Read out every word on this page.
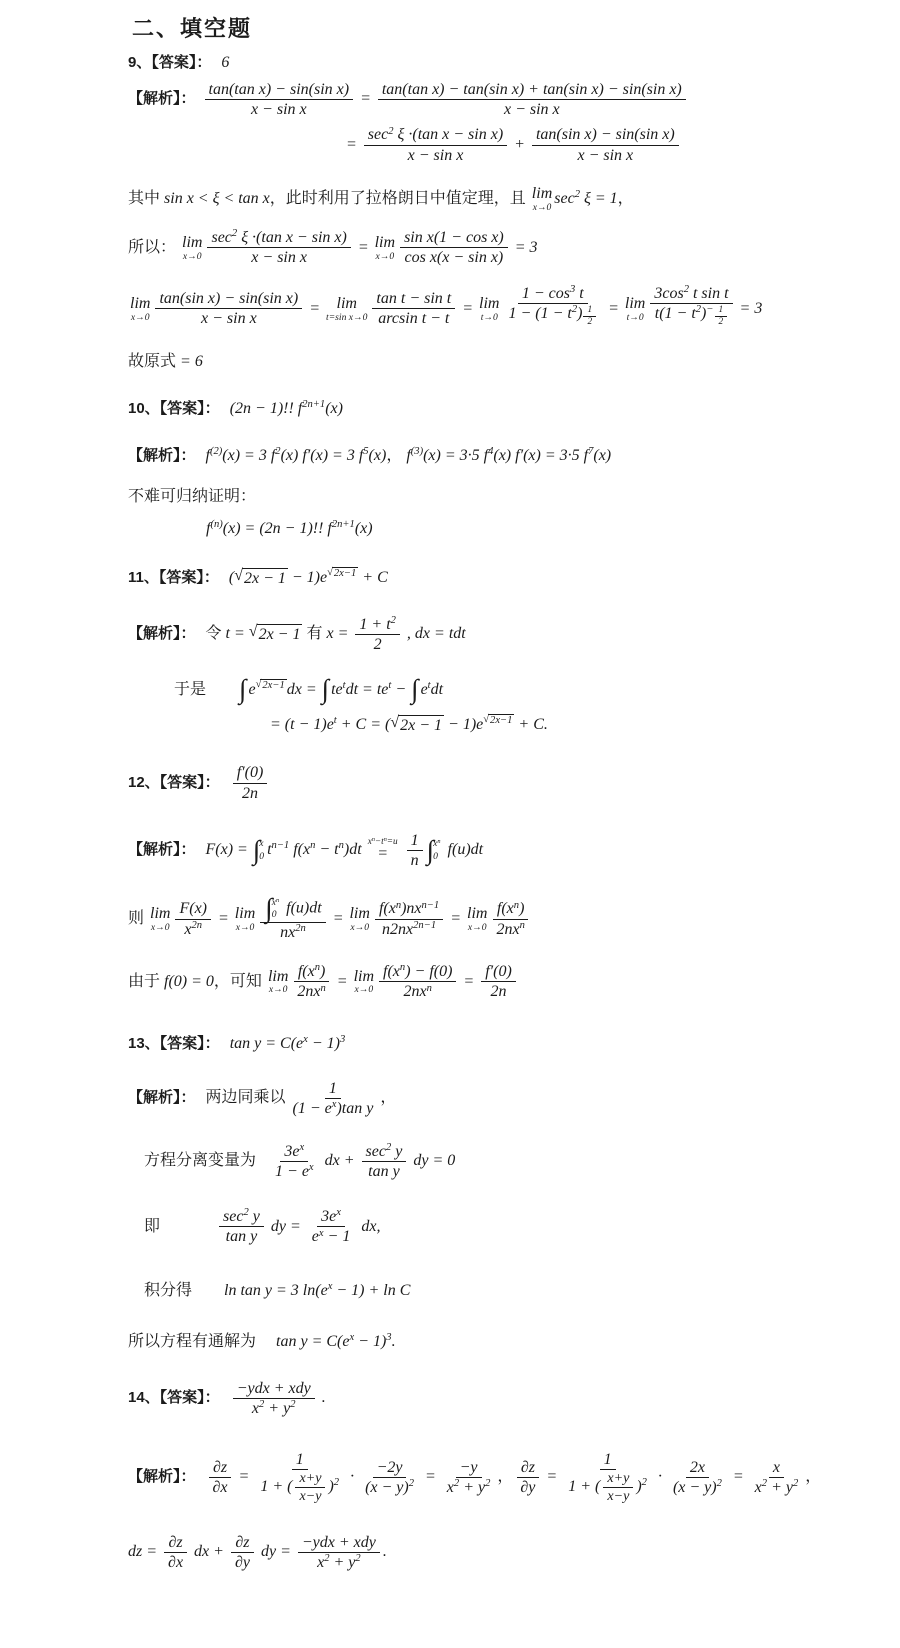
二、填空题
9、【答案】： 6
【解析】： $\frac{\text{tan(tan x) − sin(sin x)}}{\text{x − sin x}} = \frac{\text{tan(tan x) − tan(sin x) + tan(sin x) − sin(sin x)}}{\text{x − sin x}}$
= $\frac{\sec^2 \xi \cdot(\tan x - \sin x)}{\text{x − sin x}} + \frac{\text{tan(sin x) − sin(sin x)}}{\text{x − sin x}}$
其中 sin x < ξ < tan x，此时利用了拉格朗日中值定理，且 lim
x→0
$\sec^2 \xi = 1$，
所以： lim
$x\to 0 \frac{\sec^2 \xi \cdot(\tan x - \sin x)}{\text{x − sin x}} = \lim$
$x\to 0 \frac{\text{sin x(1 − cos x)}}{\text{cos x(x − sin x)}} = 3$
lim
$x\to 0 \frac{\text{tan(sin x) − sin(sin x)}}{\text{x − sin x}} = \lim$
t=sin $x\to 0 \frac{\text{tan t − sin t}}{\text{arcsin t − t}} = \lim$
t→0 $1 - \cos^3 t$
$1 - (1 - t^2)$ $^{\frac{1}{2}}$ = lim
t→0 $3\cos^2$ t sin t
$t(1 - t^2)^{- \frac{1}{2}} = 3$
故原式 = 6
10、【答案】： (2n − 1)!! $f^{2n+1}(x)$
【解析】： $f^{(2)}(x) = 3$ $f^2(x) f'(x) = 3$ $f^5(x)$， $f^{(3)}(x) = 3\cdot 5$ $f^4(x) f'(x) = 3\cdot 5$ $f^7(x)$
不难可归纳证明：
$f^{(n)}(x) = (2n - 1)$!! $f^{2n+1}(x)$
11、【答案】： ( √ 2x − 1 − 1)e $^{√ 2x-1}$ + C
【解析】： 令 t = √ 2x − 1 有 $x = \frac{1 + t^2}{2}$ , dx = tdt
于是 ∫ e $^{√ 2x-1}$ dx = ∫ $te^tdt = te^t$ − ∫ $e^tdt$
= $(t - 1)e^t + C$ = ( √ 2x − 1 − 1)e $^{√ 2x-1}$ + C.
12、【答案】： $\frac{f'(0)}{2n}$
【解析】： F(x) = ∫ x
0 $t^{n-1}$ $f(x^n - t^n)dt$ $x^n-t^n=u$
=
$\frac{1}{n}$ ∫ $x^n$
0 f(u)dt
则 lim
$x\to 0 \frac{F(x)}{x^{2n}} = \lim$
x→0 ∫ $x^n$
0 f(u)dt
$nx^{2n} = \lim$
$x\to 0 \frac{f(x^n)nx^{n-1}}{n2nx^{2n-1}} = \lim$
$x\to 0 \frac{f(x^n)}{2nx^n}$
由于 f(0) = 0，可知 lim
$x\to 0 \frac{f(x^n)}{2nx^n} = \lim$
$x\to 0 \frac{f(x^n) - f(0)}{2nx^n} = \frac{f'(0)}{2n}$
13、【答案】： $\tan y = C(e^x - 1)^3$
【解析】： 两边同乘以 $\frac{1}{(1 - e^x)\tan y}$ ，
方程分离变量为 $\frac{3e^x}{1 - e^x}$ dx + $\frac{\sec^2 y}{\text{tan y}}$ dy = 0
即	$\frac{\sec^2 y}{\text{tan y}}$ dy = $\frac{3e^x}{e^x - 1}$ dx,
积分得        ln tan y = 3 $\ln(e^x - 1) + \ln C$
所以方程有通解为     $\tan y = C(e^x - 1)^3$.
14、【答案】： $\frac{\text{−ydx + xdy}}{x^2 + y^2}$ .
【解析】： $\frac{\partial z}{\partial x} = \frac{1}{1 + ( \frac{x+y}{x-y} )^2} \cdot \frac{-2y}{(x - y)^2} = \frac{-y}{x^2 + y^2}$ ， $\frac{\partial z}{\partial y} = \frac{1}{1 + ( \frac{x+y}{x-y} )^2} \cdot \frac{2x}{(x - y)^2} = \frac{x}{x^2 + y^2}$ ，
dz = $\frac{\partial z}{\partial x}$ dx + $\frac{\partial z}{\partial y}$ dy = $\frac{\text{−ydx + xdy}}{x^2 + y^2}$ .
